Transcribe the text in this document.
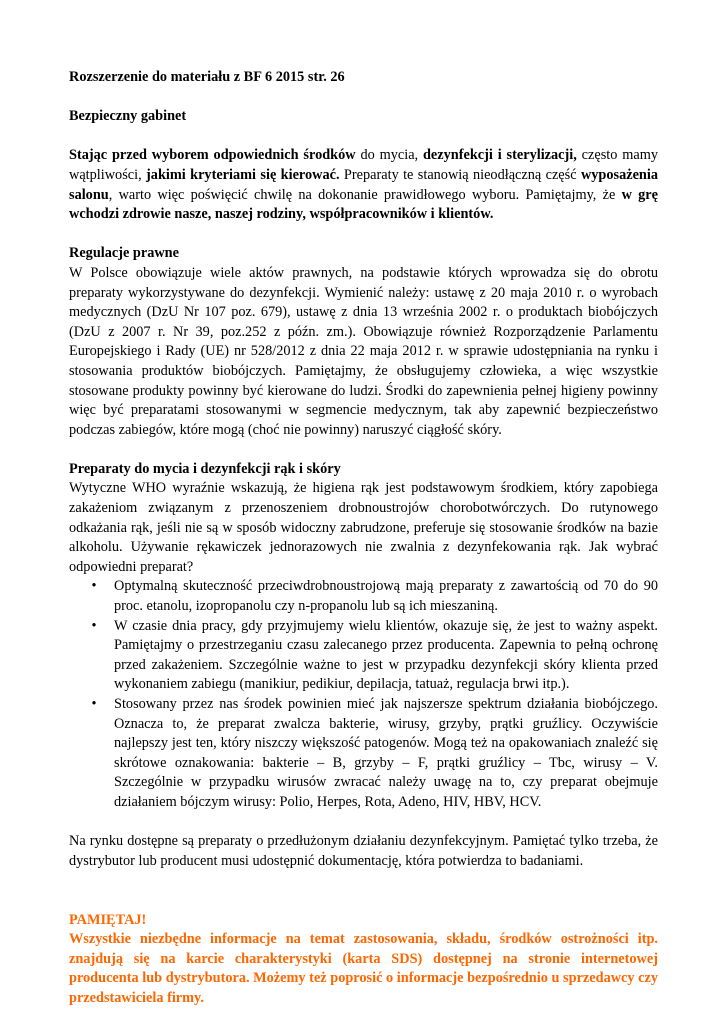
Rozszerzenie do materiału z BF 6 2015 str. 26

Bezpieczny gabinet

Stając przed wyborem odpowiednich środków do mycia, dezynfekcji i sterylizacji, często mamy wątpliwości, jakimi kryteriami się kierować. Preparaty te stanowią nieodłączną część wyposażenia salonu, warto więc poświęcić chwilę na dokonanie prawidłowego wyboru. Pamiętajmy, że w grę wchodzi zdrowie nasze, naszej rodziny, współpracowników i klientów.

Regulacje prawne

W Polsce obowiązuje wiele aktów prawnych, na podstawie których wprowadza się do obrotu preparaty wykorzystywane do dezynfekcji. Wymienić należy: ustawę z 20 maja 2010 r. o wyrobach medycznych (DzU Nr 107 poz. 679), ustawę z dnia 13 września 2002 r. o produktach biobójczych (DzU z 2007 r. Nr 39, poz.252 z późn. zm.). Obowiązuje również Rozporządzenie Parlamentu Europejskiego i Rady (UE) nr 528/2012 z dnia 22 maja 2012 r. w sprawie udostępniania na rynku i stosowania produktów biobójczych. Pamiętajmy, że obsługujemy człowieka, a więc wszystkie stosowane produkty powinny być kierowane do ludzi. Środki do zapewnienia pełnej higieny powinny więc być preparatami stosowanymi w segmencie medycznym, tak aby zapewnić bezpieczeństwo podczas zabiegów, które mogą (choć nie powinny) naruszyć ciągłość skóry.

Preparaty do mycia i dezynfekcji rąk i skóry

Wytyczne WHO wyraźnie wskazują, że higiena rąk jest podstawowym środkiem, który zapobiega zakażeniom związanym z przenoszeniem drobnoustrojów chorobotwórczych. Do rutynowego odkażania rąk, jeśli nie są w sposób widoczny zabrudzone, preferuje się stosowanie środków na bazie alkoholu. Używanie rękawiczek jednorazowych nie zwalnia z dezynfekowania rąk. Jak wybrać odpowiedni preparat?

• Optymalną skuteczność przeciwdrobnoustrojową mają preparaty z zawartością od 70 do 90 proc. etanolu, izopropanolu czy n-propanolu lub są ich mieszaniną.
• W czasie dnia pracy, gdy przyjmujemy wielu klientów, okazuje się, że jest to ważny aspekt. Pamiętajmy o przestrzeganiu czasu zalecanego przez producenta. Zapewnia to pełną ochronę przed zakażeniem. Szczególnie ważne to jest w przypadku dezynfekcji skóry klienta przed wykonaniem zabiegu (manikiur, pedikiur, depilacja, tatuaż, regulacja brwi itp.).
• Stosowany przez nas środek powinien mieć jak najszersze spektrum działania biobójczego. Oznacza to, że preparat zwalcza bakterie, wirusy, grzyby, prątki gruźlicy. Oczywiście najlepszy jest ten, który niszczy większość patogenów. Mogą też na opakowaniach znaleźć się skrótowe oznakowania: bakterie – B, grzyby – F, prątki gruźlicy – Tbc, wirusy – V. Szczególnie w przypadku wirusów zwracać należy uwagę na to, czy preparat obejmuje działaniem bójczym wirusy: Polio, Herpes, Rota, Adeno, HIV, HBV, HCV.

Na rynku dostępne są preparaty o przedłużonym działaniu dezynfekcyjnym. Pamiętać tylko trzeba, że dystrybutor lub producent musi udostępnić dokumentację, która potwierdza to badaniami.

PAMIĘTAJ!

Wszystkie niezbędne informacje na temat zastosowania, składu, środków ostrożności itp. znajdują się na karcie charakterystyki (karta SDS) dostępnej na stronie internetowej producenta lub dystrybutora. Możemy też poprosić o informacje bezpośrednio u sprzedawcy czy przedstawiciela firmy.
